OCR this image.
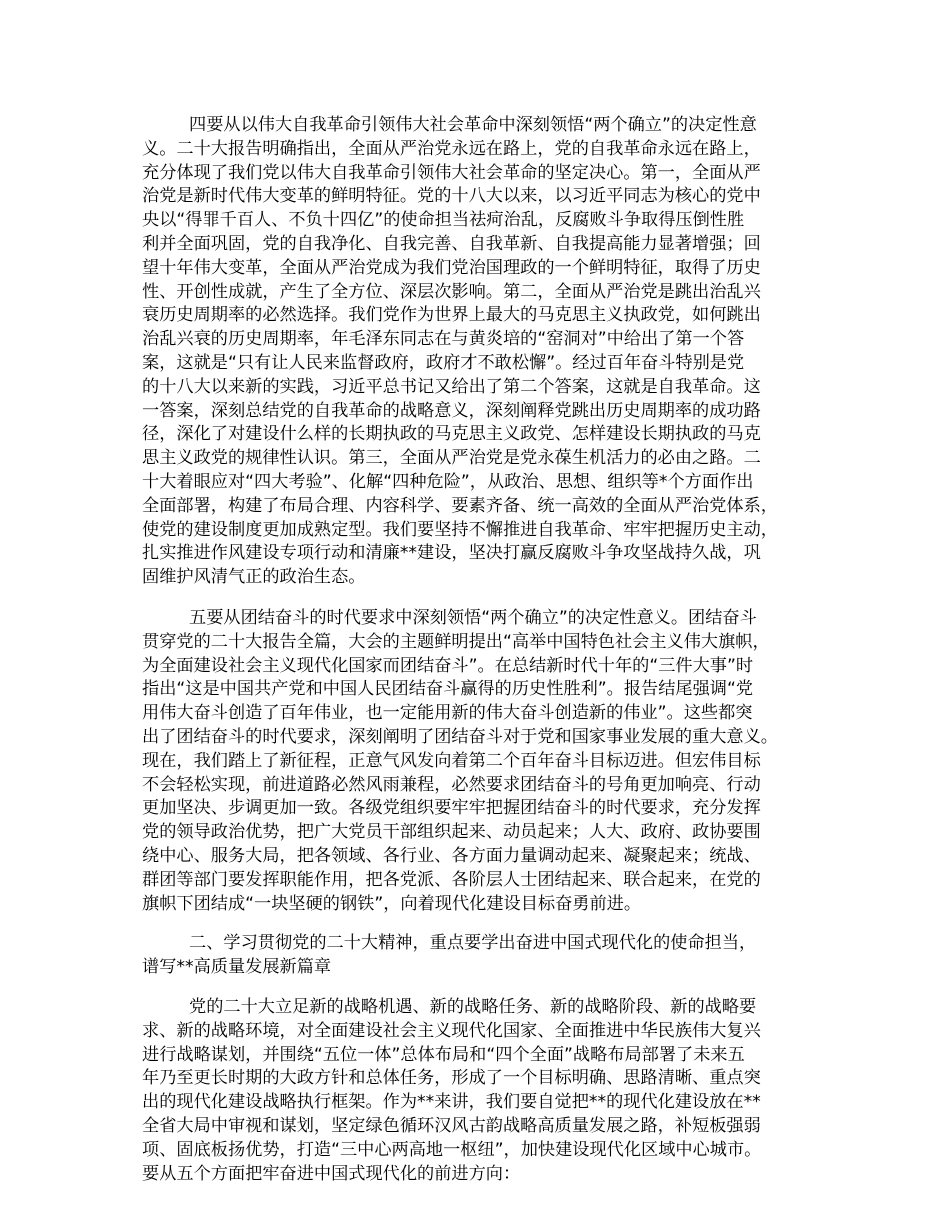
四要从以伟大自我革命引领伟大社会革命中深刻领悟“两个确立”的决定性意
义。二十大报告明确指出，全面从严治党永远在路上，党的自我革命永远在路上，
充分体现了我们党以伟大自我革命引领伟大社会革命的坚定决心。第一，全面从严
治党是新时代伟大变革的鲜明特征。党的十八大以来，以习近平同志为核心的党中
央以“得罪千百人、不负十四亿”的使命担当祛疴治乱，反腐败斗争取得压倒性胜
利并全面巩固，党的自我净化、自我完善、自我革新、自我提高能力显著增强；回
望十年伟大变革，全面从严治党成为我们党治国理政的一个鲜明特征，取得了历史
性、开创性成就，产生了全方位、深层次影响。第二，全面从严治党是跳出治乱兴
衰历史周期率的必然选择。我们党作为世界上最大的马克思主义执政党，如何跳出
治乱兴衰的历史周期率，年毛泽东同志在与黄炎培的“窑洞对”中给出了第一个答
案，这就是“只有让人民来监督政府，政府才不敢松懈”。经过百年奋斗特别是党
的十八大以来新的实践，习近平总书记又给出了第二个答案，这就是自我革命。这
一答案，深刻总结党的自我革命的战略意义，深刻阐释党跳出历史周期率的成功路
径，深化了对建设什么样的长期执政的马克思主义政党、怎样建设长期执政的马克
思主义政党的规律性认识。第三，全面从严治党是党永葆生机活力的必由之路。二
十大着眼应对“四大考验”、化解“四种危险”，从政治、思想、组织等*个方面作出
全面部署，构建了布局合理、内容科学、要素齐备、统一高效的全面从严治党体系，
使党的建设制度更加成熟定型。我们要坚持不懈推进自我革命、牢牢把握历史主动，
扎实推进作风建设专项行动和清廉**建设，坚决打赢反腐败斗争攻坚战持久战，巩
固维护风清气正的政治生态。
五要从团结奋斗的时代要求中深刻领悟“两个确立”的决定性意义。团结奋斗
贯穿党的二十大报告全篇，大会的主题鲜明提出“高举中国特色社会主义伟大旗帜，
为全面建设社会主义现代化国家而团结奋斗”。在总结新时代十年的“三件大事”时
指出“这是中国共产党和中国人民团结奋斗赢得的历史性胜利”。报告结尾强调“党
用伟大奋斗创造了百年伟业，也一定能用新的伟大奋斗创造新的伟业”。这些都突
出了团结奋斗的时代要求，深刻阐明了团结奋斗对于党和国家事业发展的重大意义。
现在，我们踏上了新征程，正意气风发向着第二个百年奋斗目标迈进。但宏伟目标
不会轻松实现，前进道路必然风雨兼程，必然要求团结奋斗的号角更加响亮、行动
更加坚决、步调更加一致。各级党组织要牢牢把握团结奋斗的时代要求，充分发挥
党的领导政治优势，把广大党员干部组织起来、动员起来；人大、政府、政协要围
绕中心、服务大局，把各领域、各行业、各方面力量调动起来、凝聚起来；统战、
群团等部门要发挥职能作用，把各党派、各阶层人士团结起来、联合起来，在党的
旗帜下团结成“一块坚硬的钢铁”，向着现代化建设目标奋勇前进。
二、学习贯彻党的二十大精神，重点要学出奋进中国式现代化的使命担当，
谱写**高质量发展新篇章
党的二十大立足新的战略机遇、新的战略任务、新的战略阶段、新的战略要
求、新的战略环境，对全面建设社会主义现代化国家、全面推进中华民族伟大复兴
进行战略谋划，并围绕“五位一体”总体布局和“四个全面”战略布局部署了未来五
年乃至更长时期的大政方针和总体任务，形成了一个目标明确、思路清晰、重点突
出的现代化建设战略执行框架。作为**来讲，我们要自觉把**的现代化建设放在**
全省大局中审视和谋划，坚定绿色循环汉风古韵战略高质量发展之路，补短板强弱
项、固底板扬优势，打造“三中心两高地一枢纽”，加快建设现代化区域中心城市。
要从五个方面把牢奋进中国式现代化的前进方向：
